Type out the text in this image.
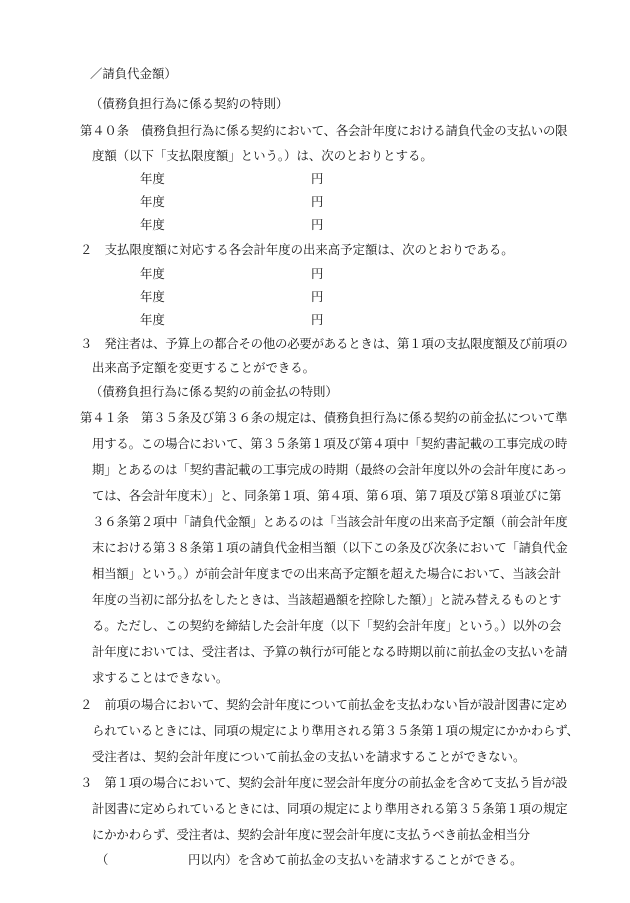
／請負代金額）
（債務負担行為に係る契約の特則）
第４０条　債務負担行為に係る契約において、各会計年度における請負代金の支払いの限
度額（以下「支払限度額」という。）は、次のとおりとする。
年度	円
年度	円
年度	円
２　支払限度額に対応する各会計年度の出来高予定額は、次のとおりである。
年度	円
年度	円
年度	円
３　発注者は、予算上の都合その他の必要があるときは、第１項の支払限度額及び前項の
出来高予定額を変更することができる。
（債務負担行為に係る契約の前金払の特則）
第４１条　第３５条及び第３６条の規定は、債務負担行為に係る契約の前金払について準
用する。この場合において、第３５条第１項及び第４項中「契約書記載の工事完成の時
期」とあるのは「契約書記載の工事完成の時期（最終の会計年度以外の会計年度にあっ
ては、各会計年度末）」と、同条第１項、第４項、第６項、第７項及び第８項並びに第
３６条第２項中「請負代金額」とあるのは「当該会計年度の出来高予定額（前会計年度
末における第３８条第１項の請負代金相当額（以下この条及び次条において「請負代金
相当額」という。）が前会計年度までの出来高予定額を超えた場合において、当該会計
年度の当初に部分払をしたときは、当該超過額を控除した額）」と読み替えるものとす
る。ただし、この契約を締結した会計年度（以下「契約会計年度」という。）以外の会
計年度においては、受注者は、予算の執行が可能となる時期以前に前払金の支払いを請
求することはできない。
２　前項の場合において、契約会計年度について前払金を支払わない旨が設計図書に定め
られているときには、同項の規定により準用される第３５条第１項の規定にかかわらず、
受注者は、契約会計年度について前払金の支払いを請求することができない。
３　第１項の場合において、契約会計年度に翌会計年度分の前払金を含めて支払う旨が設
計図書に定められているときには、同項の規定により準用される第３５条第１項の規定
にかかわらず、受注者は、契約会計年度に翌会計年度に支払うべき前払金相当分
（	円以内）を含めて前払金の支払いを請求することができる。
